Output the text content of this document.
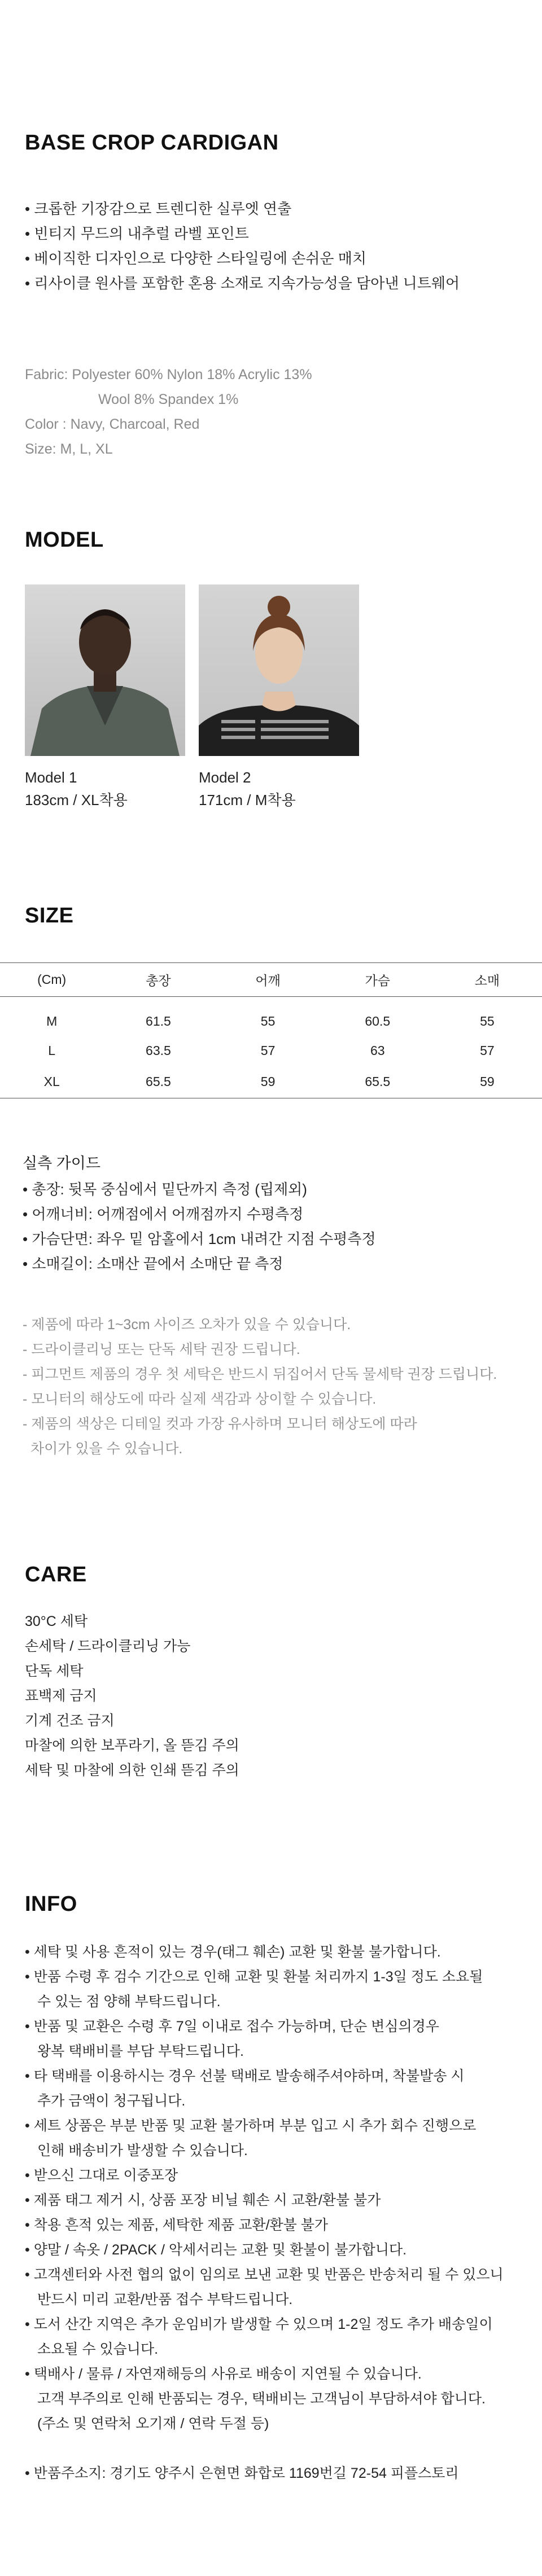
BASE CROP CARDIGAN
• 크롭한 기장감으로 트렌디한 실루엣 연출
• 빈티지 무드의 내추럴 라벨 포인트
• 베이직한 디자인으로 다양한 스타일링에 손쉬운 매치
• 리사이클 원사를 포함한 혼용 소재로 지속가능성을 담아낸 니트웨어
Fabric: Polyester 60% Nylon 18% Acrylic 13%
Wool 8% Spandex 1%
Color : Navy, Charcoal, Red
Size: M, L, XL
MODEL
Model 1
183cm / XL착용
Model 2
171cm / M착용
SIZE
(Cm)	총장	어깨	가슴	소매
M	61.5	55	60.5	55
L	63.5	57	63	57
XL	65.5	59	65.5	59
실측 가이드
• 총장: 뒷목 중심에서 밑단까지 측정 (립제외)
• 어깨너비: 어깨점에서 어깨점까지 수평측정
• 가슴단면: 좌우 밑 암홀에서 1cm 내려간 지점 수평측정
• 소매길이: 소매산 끝에서 소매단 끝 측정
- 제품에 따라 1~3cm 사이즈 오차가 있을 수 있습니다.
- 드라이클리닝 또는 단독 세탁 권장 드립니다.
- 피그먼트 제품의 경우 첫 세탁은 반드시 뒤집어서 단독 물세탁 권장 드립니다.
- 모니터의 해상도에 따라 실제 색감과 상이할 수 있습니다.
- 제품의 색상은 디테일 컷과 가장 유사하며 모니터 해상도에 따라
차이가 있을 수 있습니다.
CARE
30°C 세탁
손세탁 / 드라이클리닝 가능
단독 세탁
표백제 금지
기계 건조 금지
마찰에 의한 보푸라기, 올 뜯김 주의
세탁 및 마찰에 의한 인쇄 뜯김 주의
INFO
• 세탁 및 사용 흔적이 있는 경우(태그 훼손) 교환 및 환불 불가합니다.
• 반품 수령 후 검수 기간으로 인해 교환 및 환불 처리까지 1-3일 정도 소요될
수 있는 점 양해 부탁드립니다.
• 반품 및 교환은 수령 후 7일 이내로 접수 가능하며, 단순 변심의경우
왕복 택배비를 부담 부탁드립니다.
• 타 택배를 이용하시는 경우 선불 택배로 발송해주셔야하며, 착불발송 시
추가 금액이 청구됩니다.
• 세트 상품은 부분 반품 및 교환 불가하며 부분 입고 시 추가 회수 진행으로
인해 배송비가 발생할 수 있습니다.
• 받으신 그대로 이중포장
• 제품 태그 제거 시, 상품 포장 비닐 훼손 시 교환/환불 불가
• 착용 흔적 있는 제품, 세탁한 제품 교환/환불 불가
• 양말 / 속옷 / 2PACK / 악세서리는 교환 및 환불이 불가합니다.
• 고객센터와 사전 협의 없이 임의로 보낸 교환 및 반품은 반송처리 될 수 있으니
반드시 미리 교환/반품 접수 부탁드립니다.
• 도서 산간 지역은 추가 운임비가 발생할 수 있으며 1-2일 정도 추가 배송일이
소요될 수 있습니다.
• 택배사 / 물류 / 자연재해등의 사유로 배송이 지연될 수 있습니다.
고객 부주의로 인해 반품되는 경우, 택배비는 고객님이 부담하셔야 합니다.
(주소 및 연락처 오기재 / 연락 두절 등)
• 반품주소지: 경기도 양주시 은현면 화합로 1169번길 72-54 피플스토리
